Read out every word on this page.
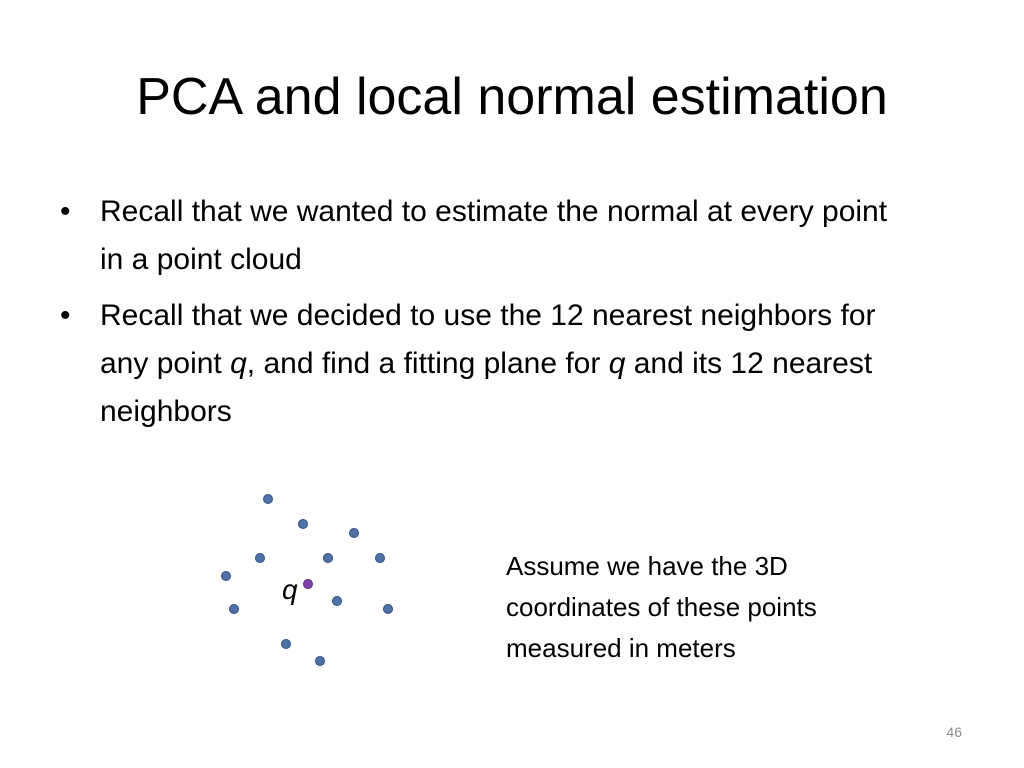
PCA and local normal estimation
• Recall that we wanted to estimate the normal at every point in a point cloud
• Recall that we decided to use the 12 nearest neighbors for any point q, and find a fitting plane for q and its 12 nearest neighbors
q
Assume we have the 3D coordinates of these points measured in meters
46
